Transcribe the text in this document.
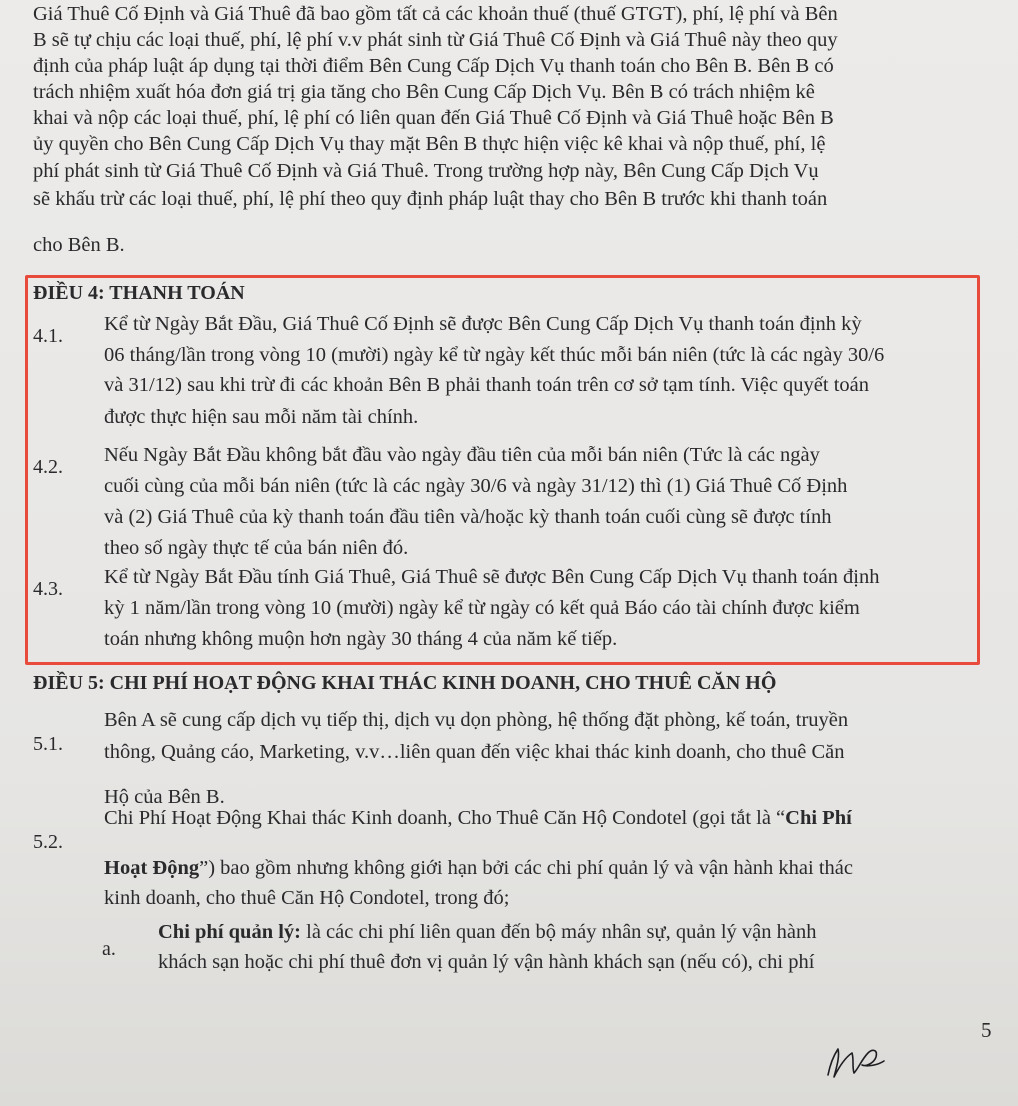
Giá Thuê Cố Định và Giá Thuê đã bao gồm tất cả các khoản thuế (thuế GTGT), phí, lệ phí và Bên
B sẽ tự chịu các loại thuế, phí, lệ phí v.v phát sinh từ Giá Thuê Cố Định và Giá Thuê này theo quy
định của pháp luật áp dụng tại thời điểm Bên Cung Cấp Dịch Vụ thanh toán cho Bên B. Bên B có
trách nhiệm xuất hóa đơn giá trị gia tăng cho Bên Cung Cấp Dịch Vụ. Bên B có trách nhiệm kê
khai và nộp các loại thuế, phí, lệ phí có liên quan đến Giá Thuê Cố Định và Giá Thuê hoặc Bên B
ủy quyền cho Bên Cung Cấp Dịch Vụ thay mặt Bên B thực hiện việc kê khai và nộp thuế, phí, lệ
phí phát sinh từ Giá Thuê Cố Định và Giá Thuê. Trong trường hợp này, Bên Cung Cấp Dịch Vụ
sẽ khấu trừ các loại thuế, phí, lệ phí theo quy định pháp luật thay cho Bên B trước khi thanh toán
cho Bên B.
ĐIỀU 4: THANH TOÁN
4.1.
Kể từ Ngày Bắt Đầu, Giá Thuê Cố Định sẽ được Bên Cung Cấp Dịch Vụ thanh toán định kỳ
06 tháng/lần trong vòng 10 (mười) ngày kể từ ngày kết thúc mỗi bán niên (tức là các ngày 30/6
và 31/12) sau khi trừ đi các khoản Bên B phải thanh toán trên cơ sở tạm tính. Việc quyết toán
được thực hiện sau mỗi năm tài chính.
4.2.
Nếu Ngày Bắt Đầu không bắt đầu vào ngày đầu tiên của mỗi bán niên (Tức là các ngày
cuối cùng của mỗi bán niên (tức là các ngày 30/6 và ngày 31/12) thì (1) Giá Thuê Cố Định
và (2) Giá Thuê của kỳ thanh toán đầu tiên và/hoặc kỳ thanh toán cuối cùng sẽ được tính
theo số ngày thực tế của bán niên đó.
4.3.
Kể từ Ngày Bắt Đầu tính Giá Thuê, Giá Thuê sẽ được Bên Cung Cấp Dịch Vụ thanh toán định
kỳ 1 năm/lần trong vòng 10 (mười) ngày kể từ ngày có kết quả Báo cáo tài chính được kiểm
toán nhưng không muộn hơn ngày 30 tháng 4 của năm kế tiếp.
ĐIỀU 5: CHI PHÍ HOẠT ĐỘNG KHAI THÁC KINH DOANH, CHO THUÊ CĂN HỘ
5.1.
Bên A sẽ cung cấp dịch vụ tiếp thị, dịch vụ dọn phòng, hệ thống đặt phòng, kế toán, truyền
thông, Quảng cáo, Marketing, v.v…liên quan đến việc khai thác kinh doanh, cho thuê Căn
Hộ của Bên B.
5.2.
Chi Phí Hoạt Động Khai thác Kinh doanh, Cho Thuê Căn Hộ Condotel (gọi tắt là “Chi Phí
Hoạt Động”) bao gồm nhưng không giới hạn bởi các chi phí quản lý và vận hành khai thác
kinh doanh, cho thuê Căn Hộ Condotel, trong đó;
a.
Chi phí quản lý: là các chi phí liên quan đến bộ máy nhân sự, quản lý vận hành
khách sạn hoặc chi phí thuê đơn vị quản lý vận hành khách sạn (nếu có), chi phí
5
